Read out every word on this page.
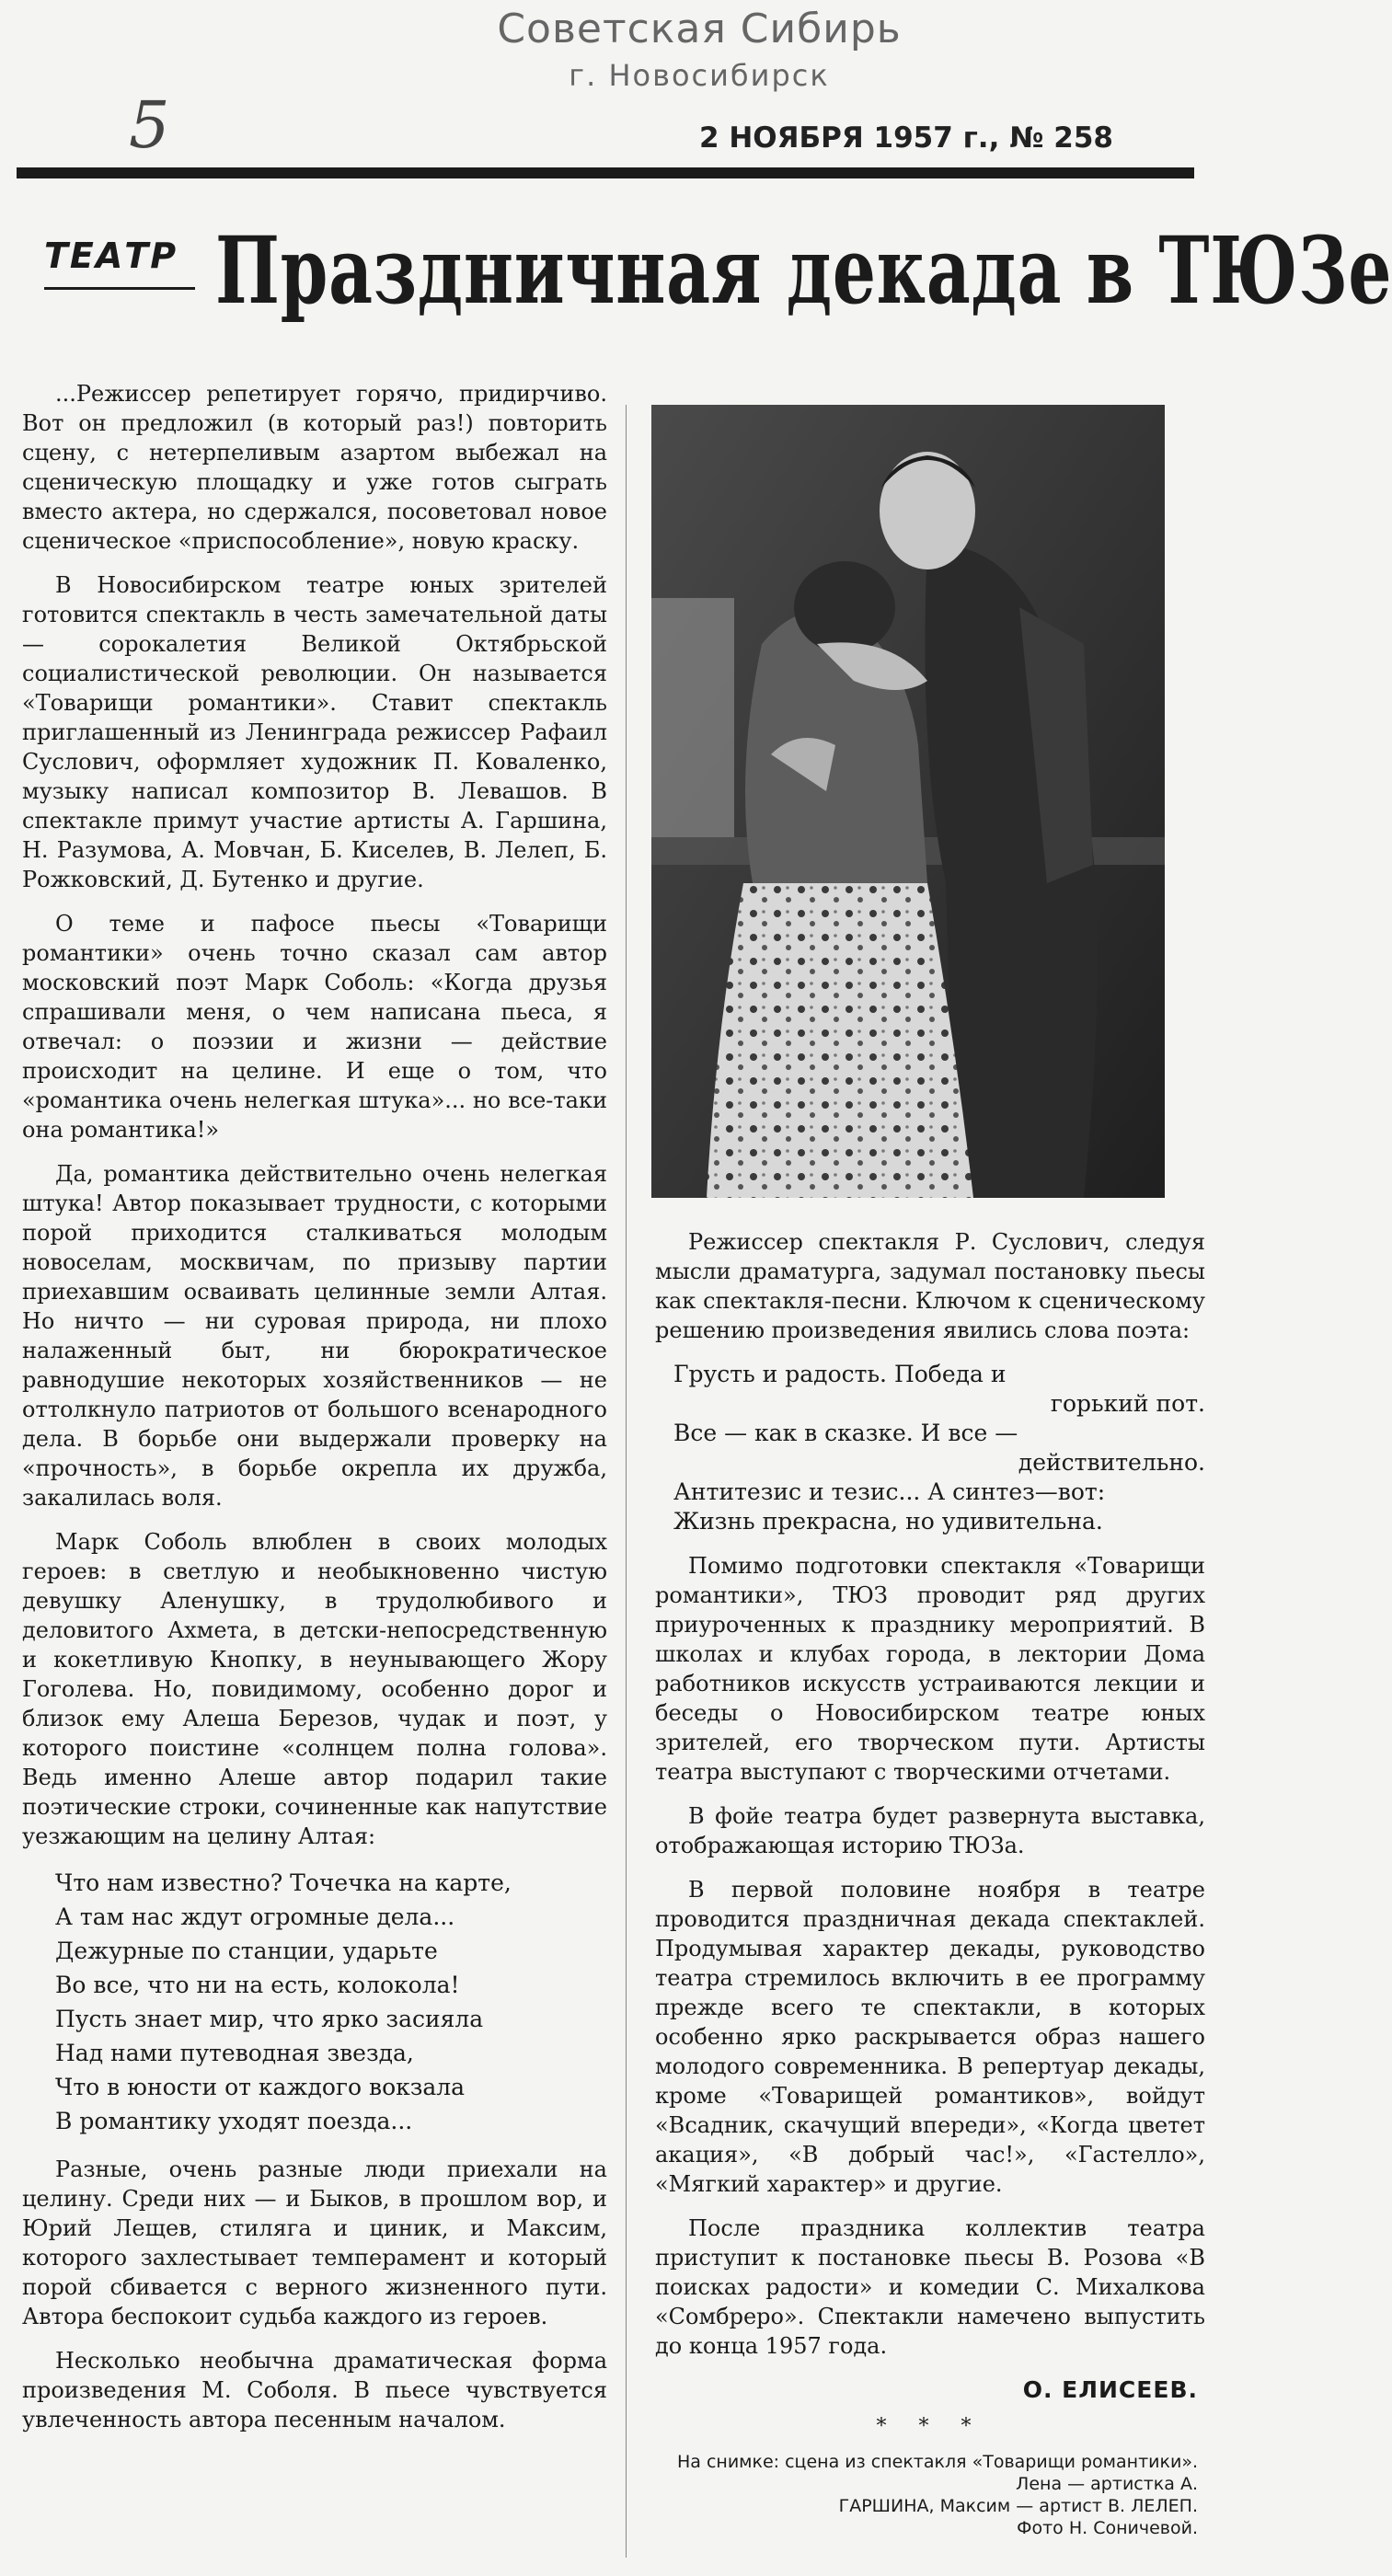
Советская Сибирь
г. Новосибирск
5	2 НОЯБРЯ 1957 г., № 258
ТЕАТР Праздничная декада в ТЮЗе

...Режиссер репетирует горячо, придирчиво. Вот он предложил (в который раз!) повторить сцену, с нетерпеливым азартом выбежал на сценическую площадку и уже готов сыграть вместо актера, но сдержался, посоветовал новое сценическое «приспособление», новую краску.

В Новосибирском театре юных зрителей готовится спектакль в честь замечательной даты — сорокалетия Великой Октябрьской социалистической революции. Он называется «Товарищи романтики». Ставит спектакль приглашенный из Ленинграда режиссер Рафаил Суслович, оформляет художник П. Коваленко, музыку написал композитор В. Левашов. В спектакле примут участие артисты А. Гаршина, Н. Разумова, А. Мовчан, Б. Киселев, В. Лелеп, Б. Рожковский, Д. Бутенко и другие.

О теме и пафосе пьесы «Товарищи романтики» очень точно сказал сам автор московский поэт Марк Соболь: «Когда друзья спрашивали меня, о чем написана пьеса, я отвечал: о поэзии и жизни — действие происходит на целине. И еще о том, что «романтика очень нелегкая штука»... но все-таки она романтика!»

Да, романтика действительно очень нелегкая штука! Автор показывает трудности, с которыми порой приходится сталкиваться молодым новоселам, москвичам, по призыву партии приехавшим осваивать целинные земли Алтая. Но ничто — ни суровая природа, ни плохо налаженный быт, ни бюрократическое равнодушие некоторых хозяйственников — не оттолкнуло патриотов от большого всенародного дела. В борьбе они выдержали проверку на «прочность», в борьбе окрепла их дружба, закалилась воля.

Марк Соболь влюблен в своих молодых героев: в светлую и необыкновенно чистую девушку Аленушку, в трудолюбивого и деловитого Ахмета, в детски-непосредственную и кокетливую Кнопку, в неунывающего Жору Гоголева. Но, повидимому, особенно дорог и близок ему Алеша Березов, чудак и поэт, у которого поистине «солнцем полна голова». Ведь именно Алеше автор подарил такие поэтические строки, сочиненные как напутствие уезжающим на целину Алтая:

Что нам известно? Точечка на карте,
А там нас ждут огромные дела...
Дежурные по станции, ударьте
Во все, что ни на есть, колокола!
Пусть знает мир, что ярко засияла
Над нами путеводная звезда,
Что в юности от каждого вокзала
В романтику уходят поезда...

Разные, очень разные люди приехали на целину. Среди них — и Быков, в прошлом вор, и Юрий Лещев, стиляга и циник, и Максим, которого захлестывает темперамент и который порой сбивается с верного жизненного пути. Автора беспокоит судьба каждого из героев.

Несколько необычна драматическая форма произведения М. Соболя. В пьесе чувствуется увлеченность автора песенным началом.

Режиссер спектакля Р. Суслович, следуя мысли драматурга, задумал постановку пьесы как спектакля-песни. Ключом к сценическому решению произведения явились слова поэта:

Грусть и радость. Победа и
горький пот.
Все — как в сказке. И все —
действительно.
Антитезис и тезис... А синтез—вот:
Жизнь прекрасна, но удивительна.

Помимо подготовки спектакля «Товарищи романтики», ТЮЗ проводит ряд других приуроченных к празднику мероприятий. В школах и клубах города, в лектории Дома работников искусств устраиваются лекции и беседы о Новосибирском театре юных зрителей, его творческом пути. Артисты театра выступают с творческими отчетами.

В фойе театра будет развернута выставка, отображающая историю ТЮЗа.

В первой половине ноября в театре проводится праздничная декада спектаклей. Продумывая характер декады, руководство театра стремилось включить в ее программу прежде всего те спектакли, в которых особенно ярко раскрывается образ нашего молодого современника. В репертуар декады, кроме «Товарищей романтиков», войдут «Всадник, скачущий впереди», «Когда цветет акация», «В добрый час!», «Гастелло», «Мягкий характер» и другие.

После праздника коллектив театра приступит к постановке пьесы В. Розова «В поисках радости» и комедии С. Михалкова «Сомбреро». Спектакли намечено выпустить до конца 1957 года.

О. ЕЛИСЕЕВ.
* * *
На снимке: сцена из спектакля «Товарищи романтики». Лена — артистка А.
ГАРШИНА, Максим — артист В. ЛЕЛЕП.
Фото Н. Соничевой.
